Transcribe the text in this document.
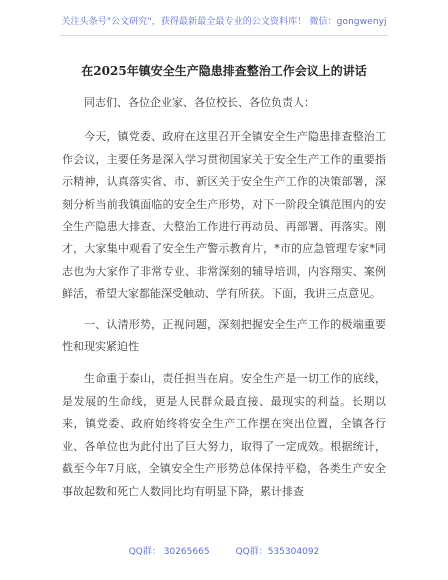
关注头条号"公文研究"，获得最新最全最专业的公文资料库！ 微信：gongwenyj
在2025年镇安全生产隐患排查整治工作会议上的讲话

同志们、各位企业家、各位校长、各位负责人：

今天，镇党委、政府在这里召开全镇安全生产隐患排查整治工作会议，主要任务是深入学习贯彻国家关于安全生产工作的重要指示精神，认真落实省、市、新区关于安全生产工作的决策部署，深刻分析当前我镇面临的安全生产形势，对下一阶段全镇范围内的安全生产隐患大排查、大整治工作进行再动员、再部署、再落实。刚才，大家集中观看了安全生产警示教育片，*市的应急管理专家*同志也为大家作了非常专业、非常深刻的辅导培训，内容翔实、案例鲜活，希望大家都能深受触动、学有所获。下面，我讲三点意见。

一、认清形势，正视问题，深刻把握安全生产工作的极端重要性和现实紧迫性

生命重于泰山，责任担当在肩。安全生产是一切工作的底线，是发展的生命线，更是人民群众最直接、最现实的利益。长期以来，镇党委、政府始终将安全生产工作摆在突出位置，全镇各行业、各单位也为此付出了巨大努力，取得了一定成效。根据统计，截至今年7月底，全镇安全生产形势总体保持平稳，各类生产安全事故起数和死亡人数同比均有明显下降，累计排查

QQ群： 30265665	QQ群：535304092
